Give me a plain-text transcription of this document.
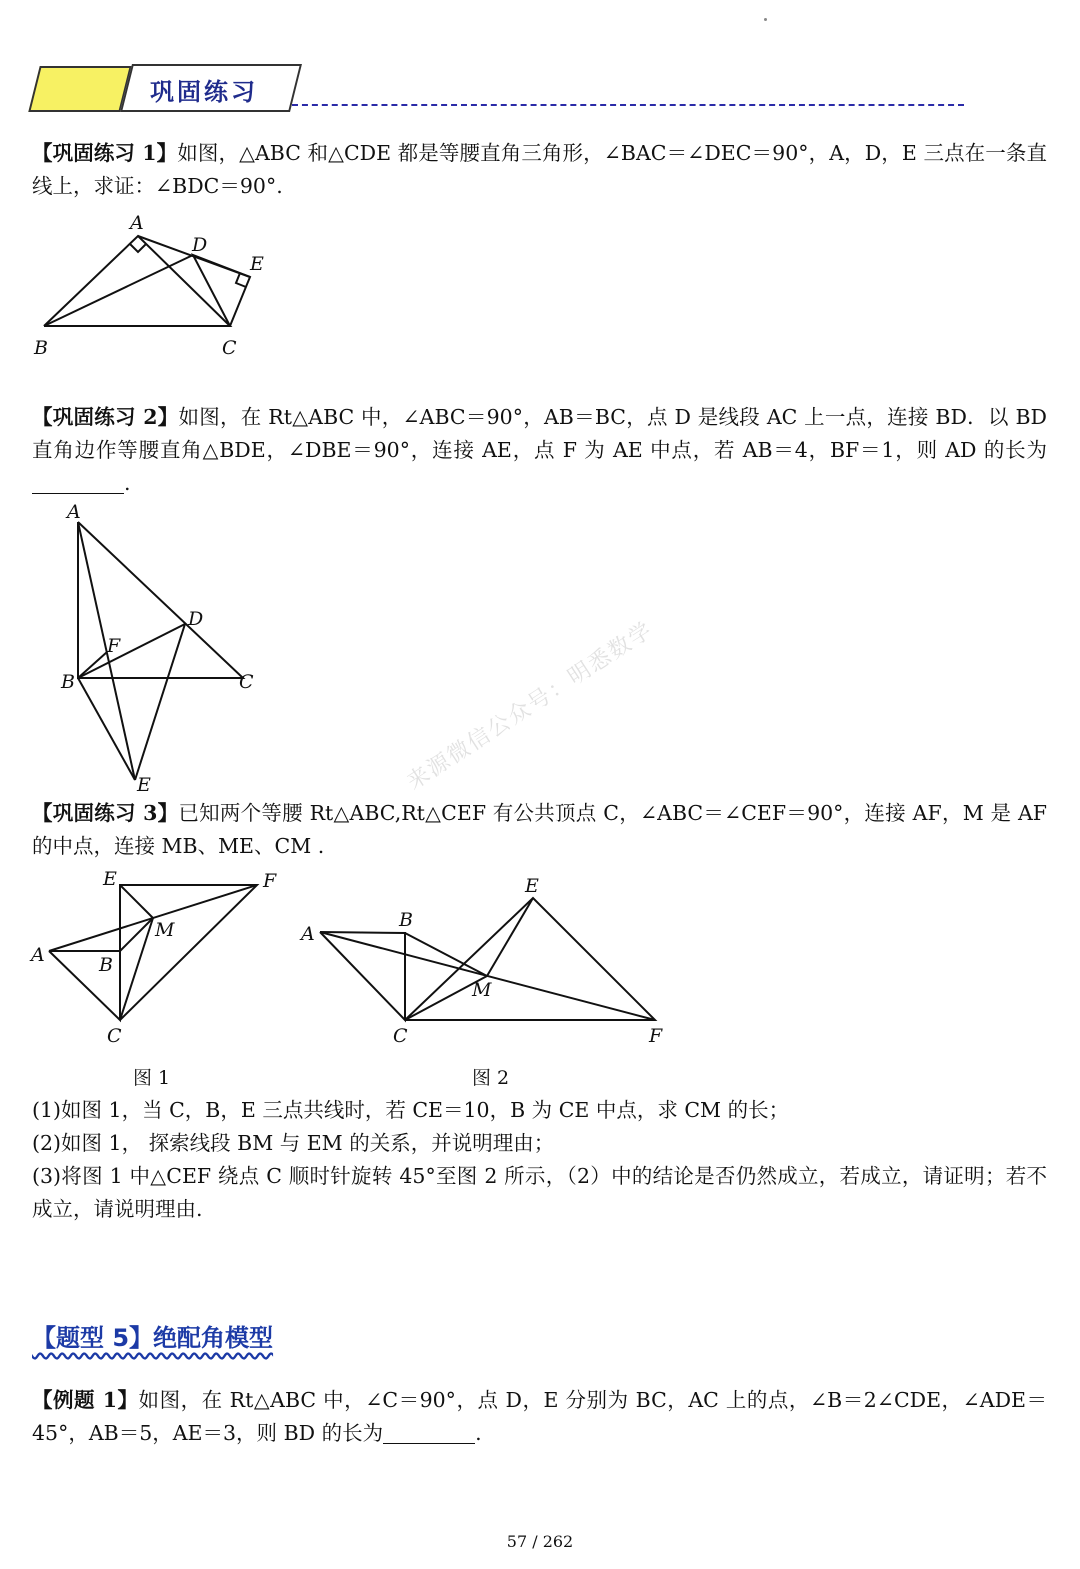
巩固练习
【巩固练习 1】如图，△ABC 和△CDE 都是等腰直角三角形，∠BAC＝∠DEC＝90°，A，D，E 三点在一条直线上，求证：∠BDC＝90°.
A
D
E
B	C
【巩固练习 2】如图，在 Rt△ABC 中，∠ABC＝90°，AB＝BC，点 D 是线段 AC 上一点，连接 BD．以 BD 直角边作等腰直角△BDE，∠DBE＝90°，连接 AE，点 F 为 AE 中点，若 AB＝4，BF＝1，则 AD 的长为 .
A
D
F
B	C
E	来源微信公众号：明悉数学
【巩固练习 3】已知两个等腰 Rt△ABC,Rt△CEF 有公共顶点 C，∠ABC＝∠CEF＝90°，连接 AF，M 是 AF 的中点，连接 MB、ME、CM .
E	F
M
A	B
C
E
B
A
M
C	F
图 1	图 2
(1)如图 1，当 C，B，E 三点共线时，若 CE＝10，B 为 CE 中点，求 CM 的长；
(2)如图 1， 探索线段 BM 与 EM 的关系，并说明理由；
(3)将图 1 中△CEF 绕点 C 顺时针旋转 45°至图 2 所示，（2）中的结论是否仍然成立，若成立，请证明；若不成立，请说明理由.
【题型 5】绝配角模型
【例题 1】如图，在 Rt△ABC 中，∠C＝90°，点 D，E 分别为 BC，AC 上的点，∠B＝2∠CDE，∠ADE＝45°，AB＝5，AE＝3，则 BD 的长为	.
57 / 262
